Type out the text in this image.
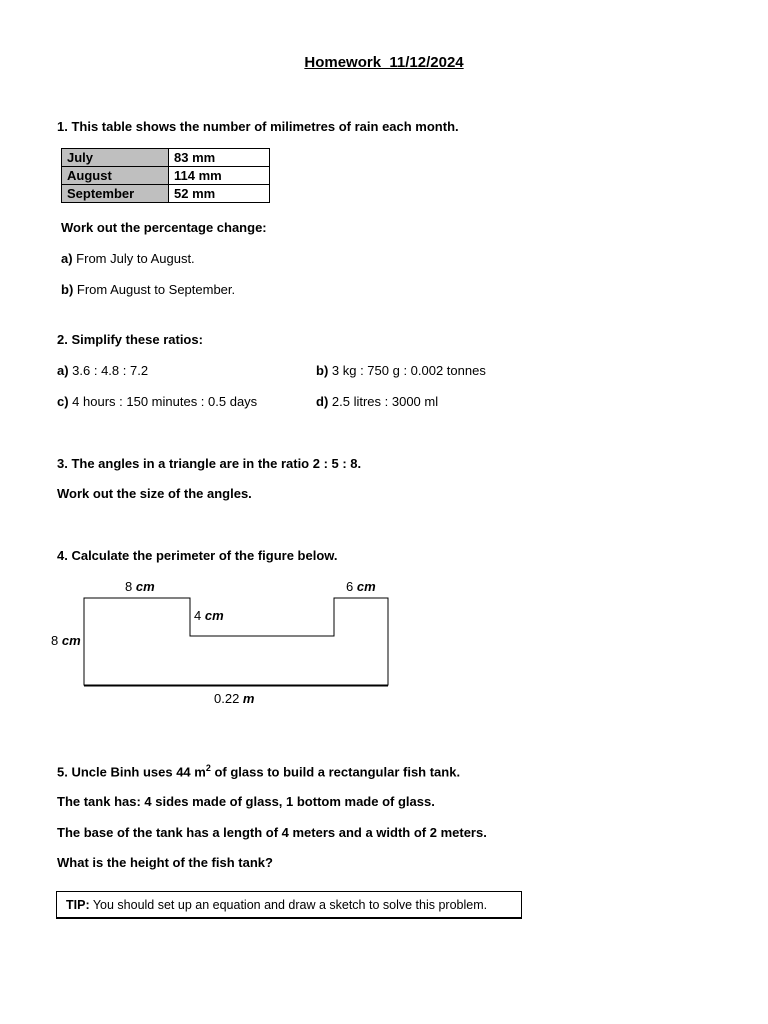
Homework_11/12/2024
1. This table shows the number of milimetres of rain each month.
July	83 mm
August	114 mm
September	52 mm
Work out the percentage change:
a) From July to August.
b) From August to September.
2. Simplify these ratios:
a) 3.6 : 4.8 : 7.2	b) 3 kg : 750 g : 0.002 tonnes
c) 4 hours : 150 minutes : 0.5 days	d) 2.5 litres : 3000 ml
3. The angles in a triangle are in the ratio 2 : 5 : 8.
Work out the size of the angles.
4. Calculate the perimeter of the figure below.
8 cm	6 cm
4 cm
8 cm
0.22 m
5. Uncle Binh uses 44 $m^2$ of glass to build a rectangular fish tank.
The tank has: 4 sides made of glass, 1 bottom made of glass.
The base of the tank has a length of 4 meters and a width of 2 meters.
What is the height of the fish tank?
TIP: You should set up an equation and draw a sketch to solve this problem.
